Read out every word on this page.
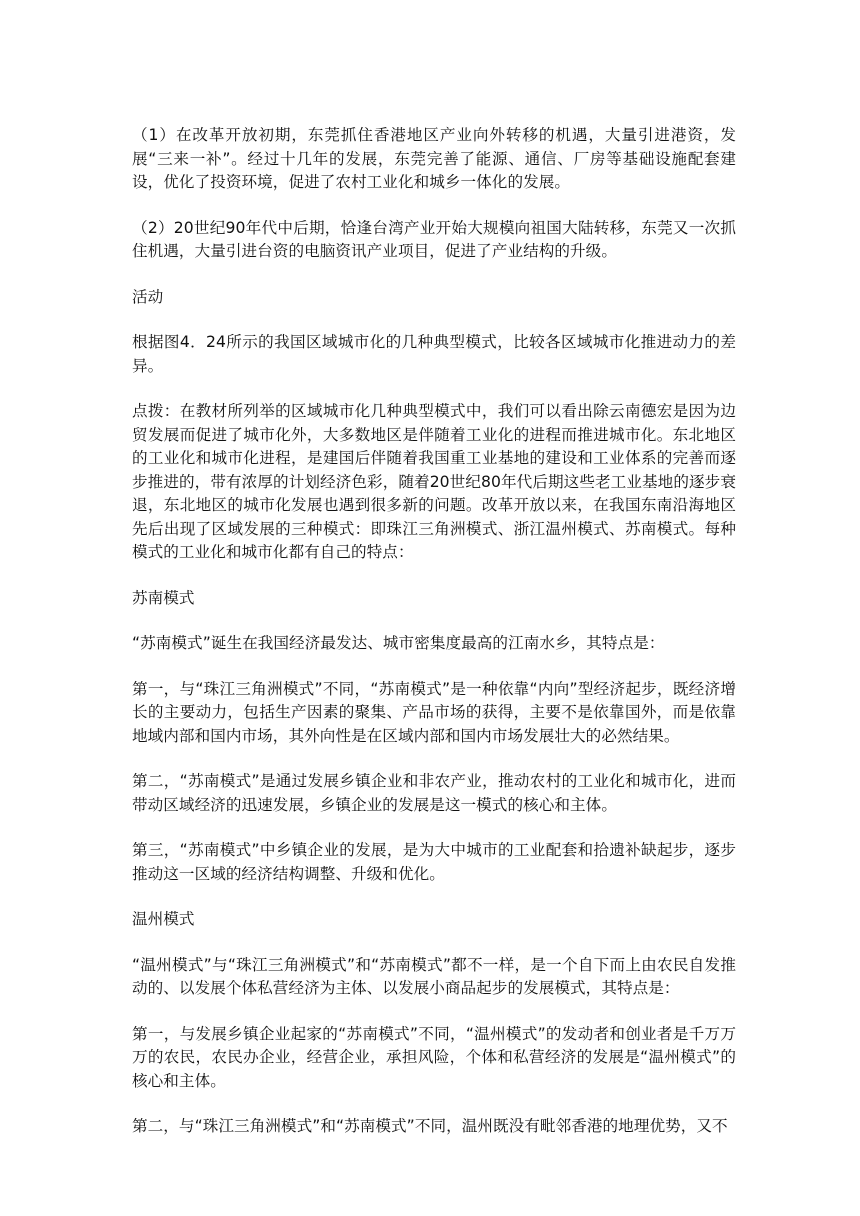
（1）在改革开放初期，东莞抓住香港地区产业向外转移的机遇，大量引进港资，发展“三来一补”。经过十几年的发展，东莞完善了能源、通信、厂房等基础设施配套建设，优化了投资环境，促进了农村工业化和城乡一体化的发展。

（2）20世纪90年代中后期，恰逢台湾产业开始大规模向祖国大陆转移，东莞又一次抓住机遇，大量引进台资的电脑资讯产业项目，促进了产业结构的升级。

活动

根据图4．24所示的我国区域城市化的几种典型模式，比较各区域城市化推进动力的差异。

点拨：在教材所列举的区域城市化几种典型模式中，我们可以看出除云南德宏是因为边贸发展而促进了城市化外，大多数地区是伴随着工业化的进程而推进城市化。东北地区的工业化和城市化进程，是建国后伴随着我国重工业基地的建设和工业体系的完善而逐步推进的，带有浓厚的计划经济色彩，随着20世纪80年代后期这些老工业基地的逐步衰退，东北地区的城市化发展也遇到很多新的问题。改革开放以来，在我国东南沿海地区先后出现了区域发展的三种模式：即珠江三角洲模式、浙江温州模式、苏南模式。每种模式的工业化和城市化都有自己的特点：

苏南模式

“苏南模式”诞生在我国经济最发达、城市密集度最高的江南水乡，其特点是：

第一，与“珠江三角洲模式”不同，“苏南模式”是一种依靠“内向”型经济起步，既经济增长的主要动力，包括生产因素的聚集、产品市场的获得，主要不是依靠国外，而是依靠地域内部和国内市场，其外向性是在区域内部和国内市场发展壮大的必然结果。

第二，“苏南模式”是通过发展乡镇企业和非农产业，推动农村的工业化和城市化，进而带动区域经济的迅速发展，乡镇企业的发展是这一模式的核心和主体。

第三，“苏南模式”中乡镇企业的发展，是为大中城市的工业配套和拾遗补缺起步，逐步推动这一区域的经济结构调整、升级和优化。

温州模式

“温州模式”与“珠江三角洲模式”和“苏南模式”都不一样，是一个自下而上由农民自发推动的、以发展个体私营经济为主体、以发展小商品起步的发展模式，其特点是：

第一，与发展乡镇企业起家的“苏南模式”不同，“温州模式”的发动者和创业者是千万万万的农民，农民办企业，经营企业，承担风险，个体和私营经济的发展是“温州模式”的核心和主体。

第二，与“珠江三角洲模式”和“苏南模式”不同，温州既没有毗邻香港的地理优势，又不
